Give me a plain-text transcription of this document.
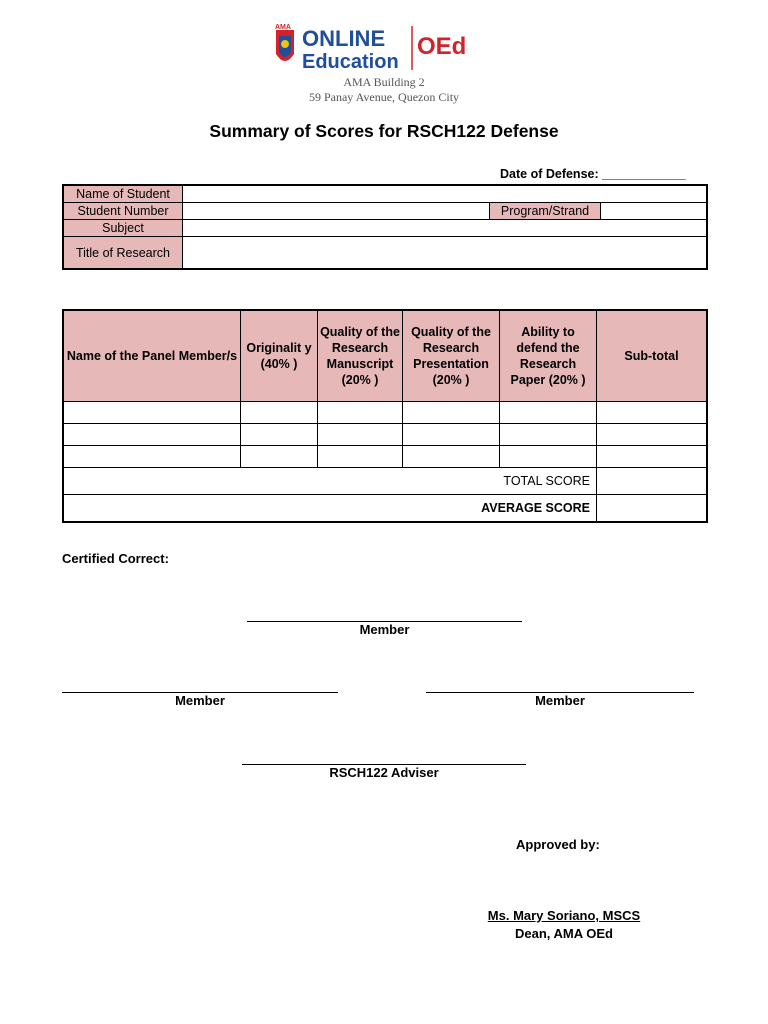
AMA ONLINE
Education
OEd
AMA Building 2
59 Panay Avenue, Quezon City
Summary of Scores for RSCH122 Defense
Date of Defense: ____________
Name of Student			
Student Number		Program/Strand	
Subject			
Title of Research			
Name of the Panel Member/s	Originalit y (40% )	Quality of the Research Manuscript (20% )	Quality of the Research Presentation (20% )	Ability to defend the Research Paper (20% )	Sub-total

TOTAL SCORE					
AVERAGE SCORE					
Certified Correct:
Member
Member	Member
RSCH122 Adviser
Approved by:
Ms. Mary Soriano, MSCS
Dean, AMA OEd
